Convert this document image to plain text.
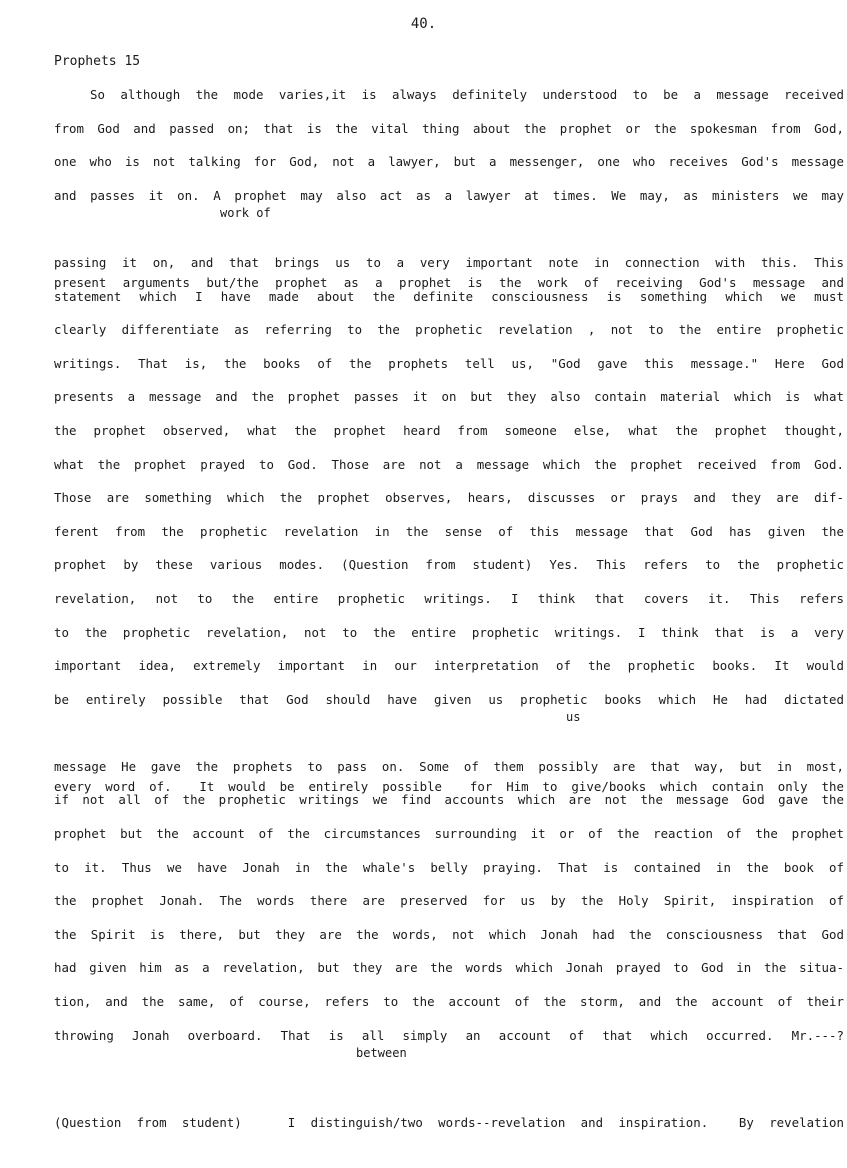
40.
Prophets 15
So although the mode varies,it is always definitely understood to be a message received
from God and passed on; that is the vital thing about the prophet or the spokesman from God,
one who is not talking for God, not a lawyer, but a messenger, one who receives God's message
and passes it on. A prophet may also act as a lawyer at times. We may, as ministers we may

work of

present arguments but/the prophet as a prophet is the work of receiving God's message and

passing it on, and that brings us to a very important note in connection with this. This
statement which I have made about the definite consciousness is something which we must
clearly differentiate as referring to the prophetic revelation , not to the entire prophetic
writings. That is, the books of the prophets tell us, "God gave this message." Here God
presents a message and the prophet passes it on but they also contain material which is what
the prophet observed, what the prophet heard from someone else, what the prophet thought,
what the prophet prayed to God. Those are not a message which the prophet received from God.
Those are something which the prophet observes, hears, discusses or prays and they are dif-
ferent from the prophetic revelation in the sense of this message that God has given the
prophet by these various modes. (Question from student) Yes. This refers to the prophetic
revelation, not to the entire prophetic writings. I think that covers it. This refers
to the prophetic revelation, not to the entire prophetic writings. I think that is a very
important idea, extremely important in our interpretation of the prophetic books. It would
be entirely possible that God should have given us prophetic books which He had dictated

us

every word of.  It would be entirely possible  for Him to give/books which contain only the

message He gave the prophets to pass on. Some of them possibly are that way, but in most,
if not all of the prophetic writings we find accounts which are not the message God gave the
prophet but the account of the circumstances surrounding it or of the reaction of the prophet
to it. Thus we have Jonah in the whale's belly praying. That is contained in the book of
the prophet Jonah. The words there are preserved for us by the Holy Spirit, inspiration of
the Spirit is there, but they are the words, not which Jonah had the consciousness that God
had given him as a revelation, but they are the words which Jonah prayed to God in the situa-
tion, and the same, of course, refers to the account of the storm, and the account of their
throwing Jonah overboard. That is all simply an account of that which occurred. Mr.---?

between

(Question from student)   I distinguish/two words--revelation and inspiration.  By revelation
